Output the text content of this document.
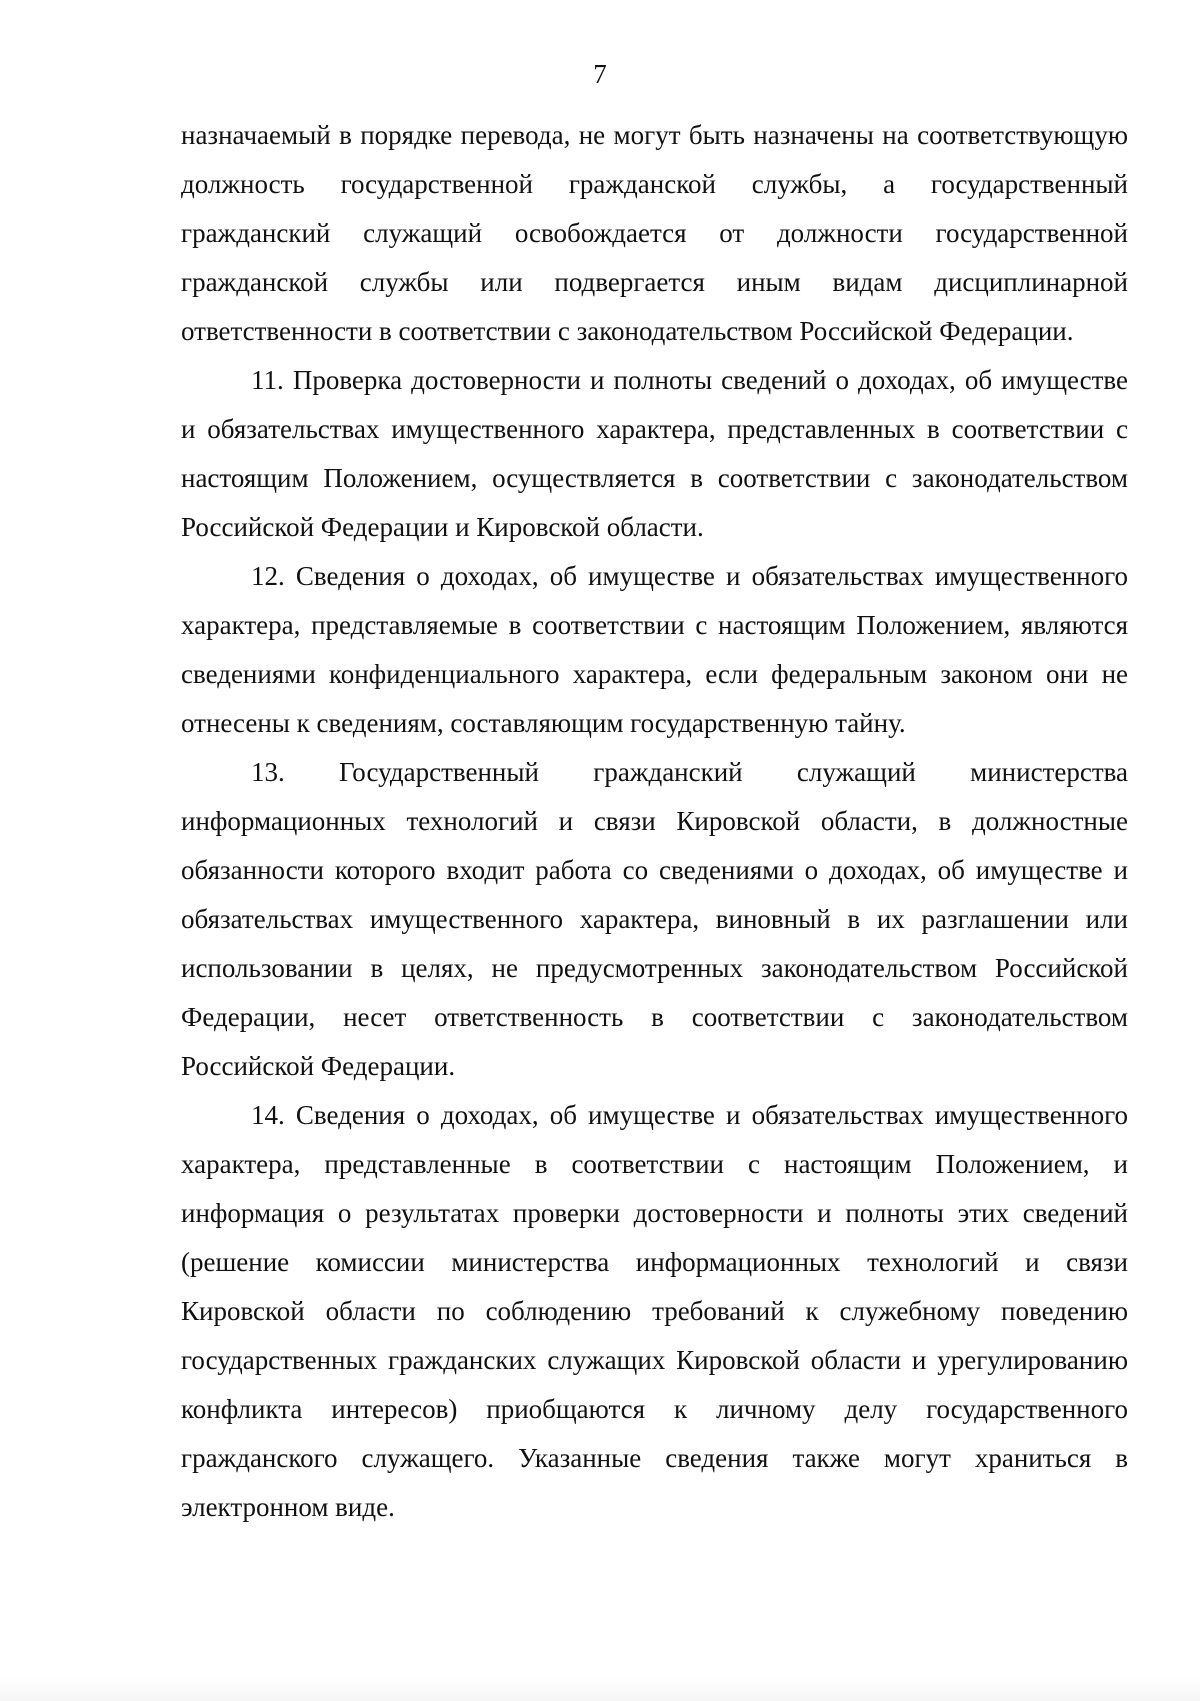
7

назначаемый в порядке перевода, не могут быть назначены на соответствующую должность государственной гражданской службы, а государственный гражданский служащий освобождается от должности государственной гражданской службы или подвергается иным видам дисциплинарной ответственности в соответствии с законодательством Российской Федерации.

11. Проверка достоверности и полноты сведений о доходах, об имуществе и обязательствах имущественного характера, представленных в соответствии с настоящим Положением, осуществляется в соответствии с законодательством Российской Федерации и Кировской области.

12. Сведения о доходах, об имуществе и обязательствах имущественного характера, представляемые в соответствии с настоящим Положением, являются сведениями конфиденциального характера, если федеральным законом они не отнесены к сведениям, составляющим государственную тайну.

13. Государственный гражданский служащий министерства информационных технологий и связи Кировской области, в должностные обязанности которого входит работа со сведениями о доходах, об имуществе и обязательствах имущественного характера, виновный в их разглашении или использовании в целях, не предусмотренных законодательством Российской Федерации, несет ответственность в соответствии с законодательством Российской Федерации.

14. Сведения о доходах, об имуществе и обязательствах имущественного характера, представленные в соответствии с настоящим Положением, и информация о результатах проверки достоверности и полноты этих сведений (решение комиссии министерства информационных технологий и связи Кировской области по соблюдению требований к служебному поведению государственных гражданских служащих Кировской области и урегулированию конфликта интересов) приобщаются к личному делу государственного гражданского служащего. Указанные сведения также могут храниться в электронном виде.
